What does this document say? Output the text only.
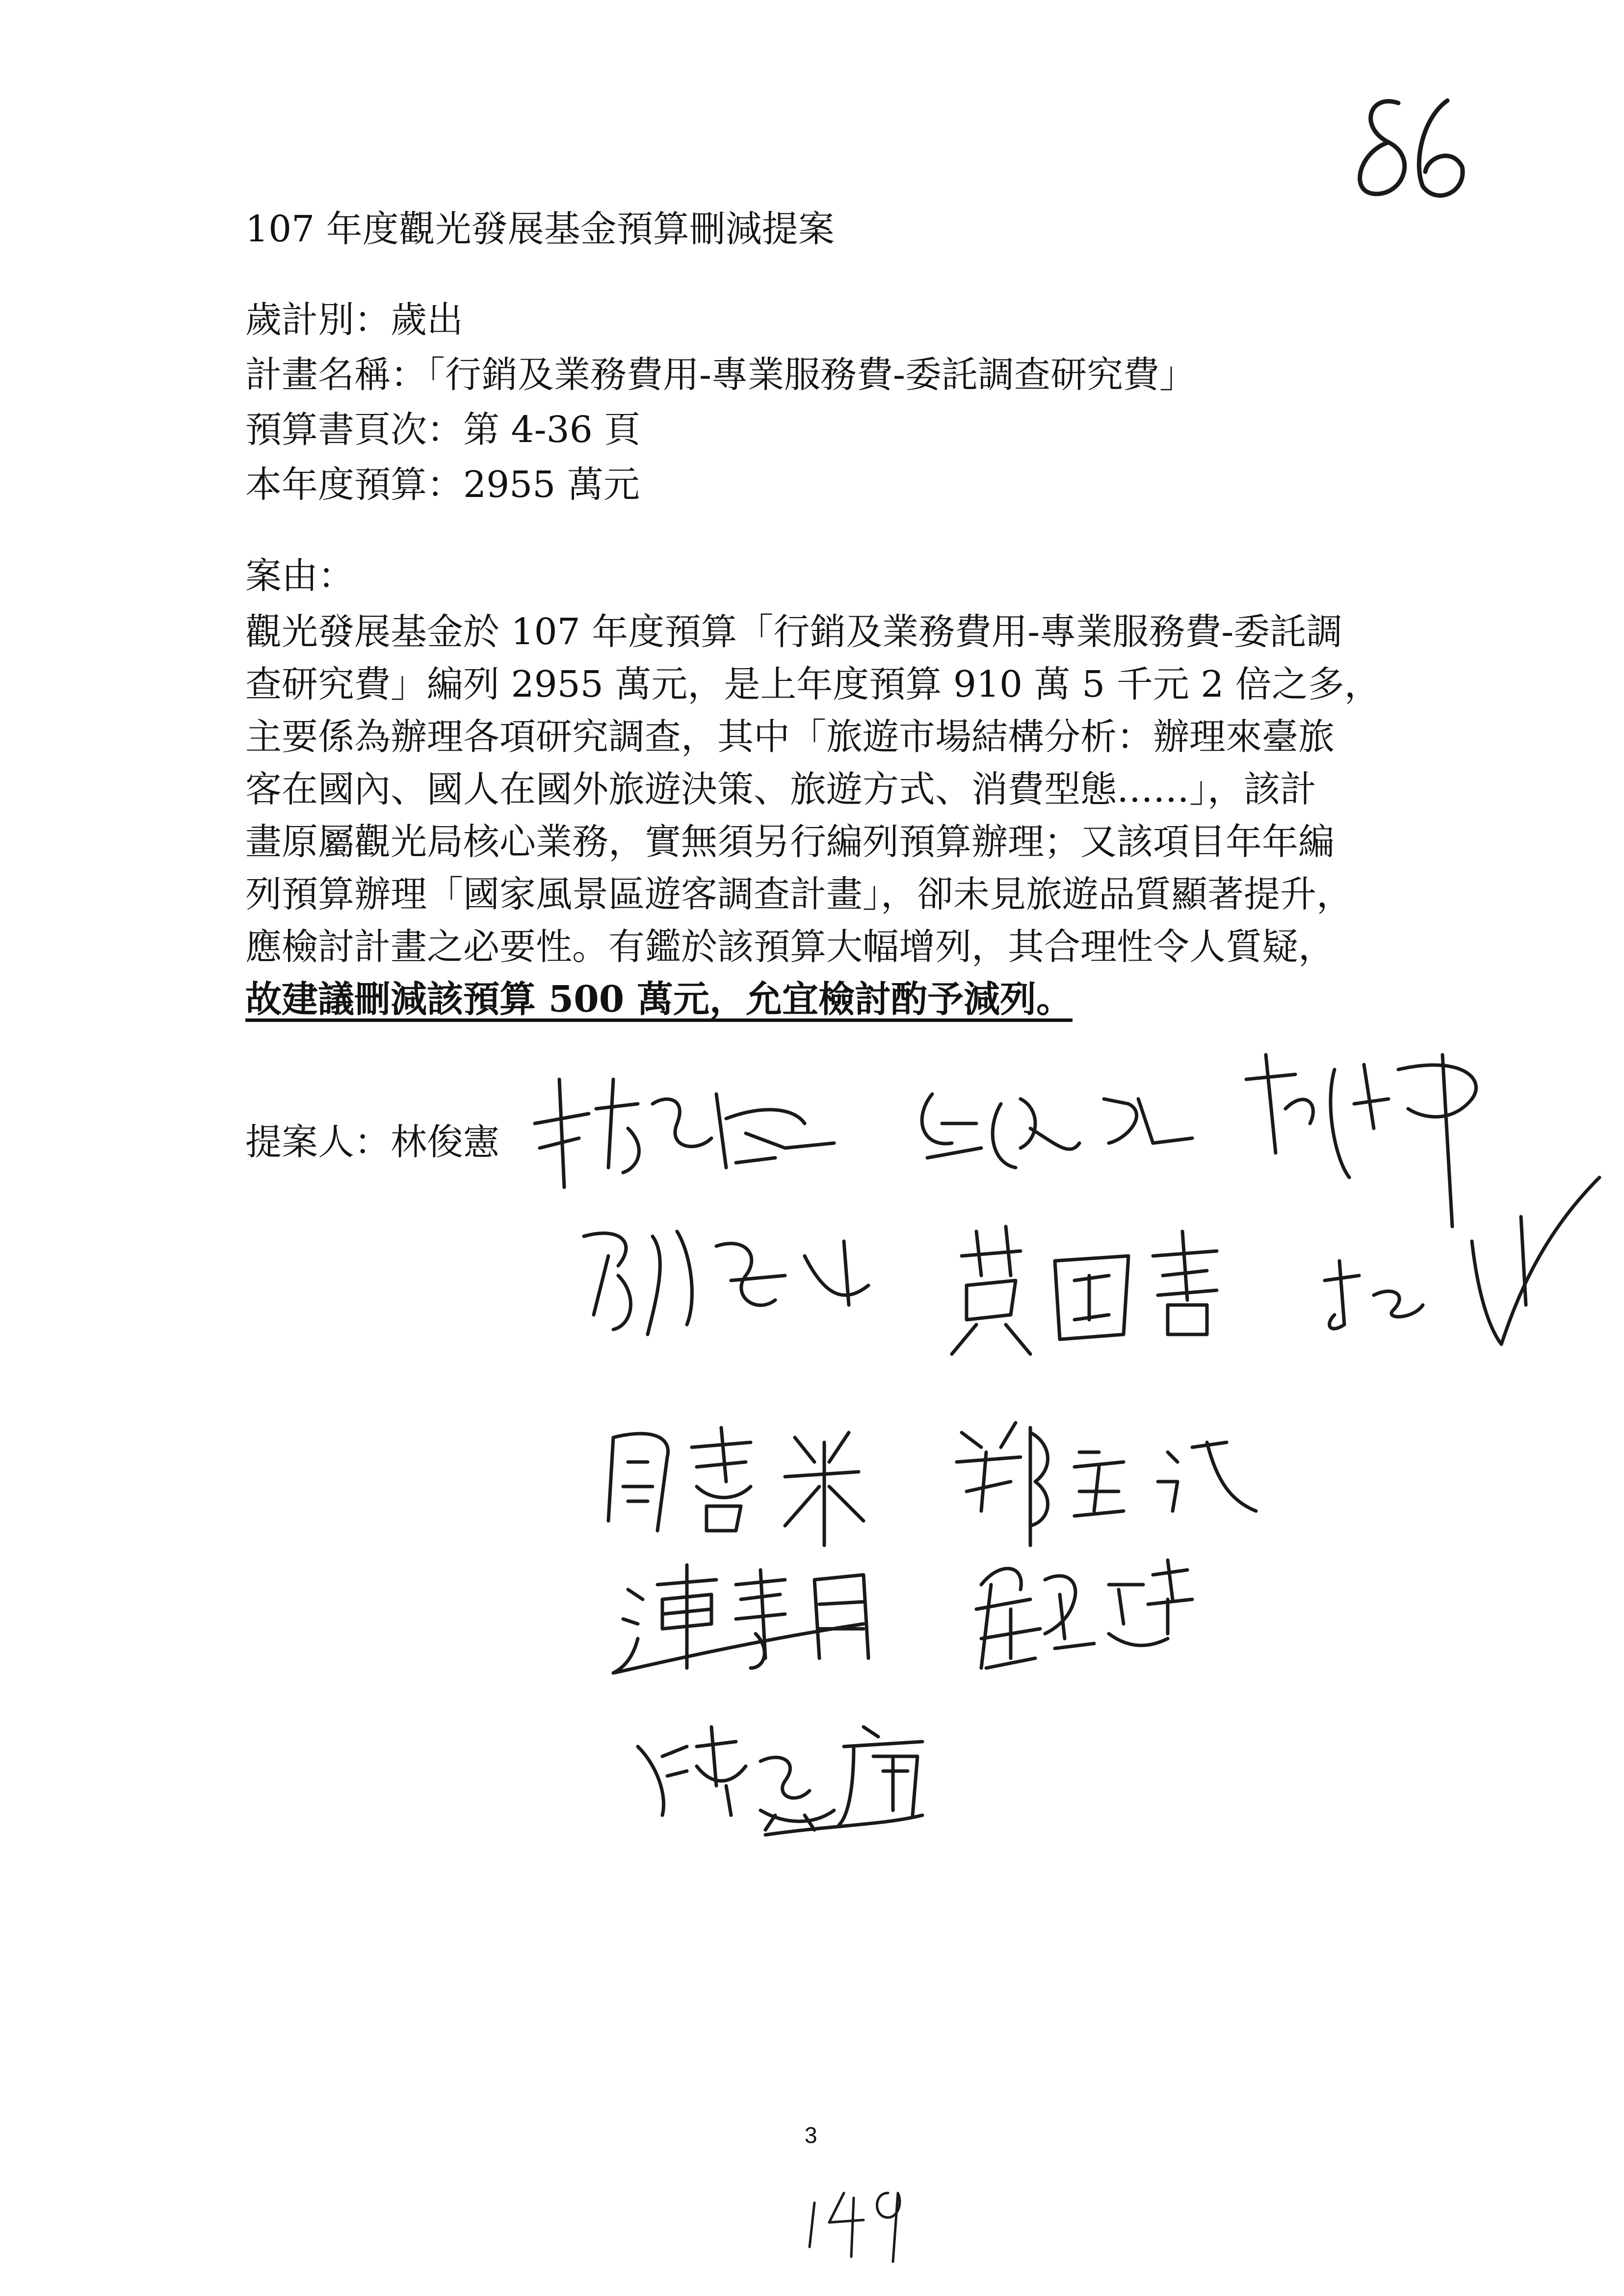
107 年度觀光發展基金預算刪減提案
歲計別：歲出
計畫名稱：「行銷及業務費用-專業服務費-委託調查研究費」
預算書頁次：第 4-36 頁
本年度預算：2955 萬元
案由：
觀光發展基金於 107 年度預算「行銷及業務費用-專業服務費-委託調
查研究費」編列 2955 萬元，是上年度預算 910 萬 5 千元 2 倍之多，
主要係為辦理各項研究調查，其中「旅遊市場結構分析：辦理來臺旅
客在國內、國人在國外旅遊決策、旅遊方式、消費型態……」，該計
畫原屬觀光局核心業務，實無須另行編列預算辦理；又該項目年年編
列預算辦理「國家風景區遊客調查計畫」，卻未見旅遊品質顯著提升，
應檢討計畫之必要性。有鑑於該預算大幅增列，其合理性令人質疑，
故建議刪減該預算 500 萬元，允宜檢討酌予減列。
提案人：林俊憲
3
